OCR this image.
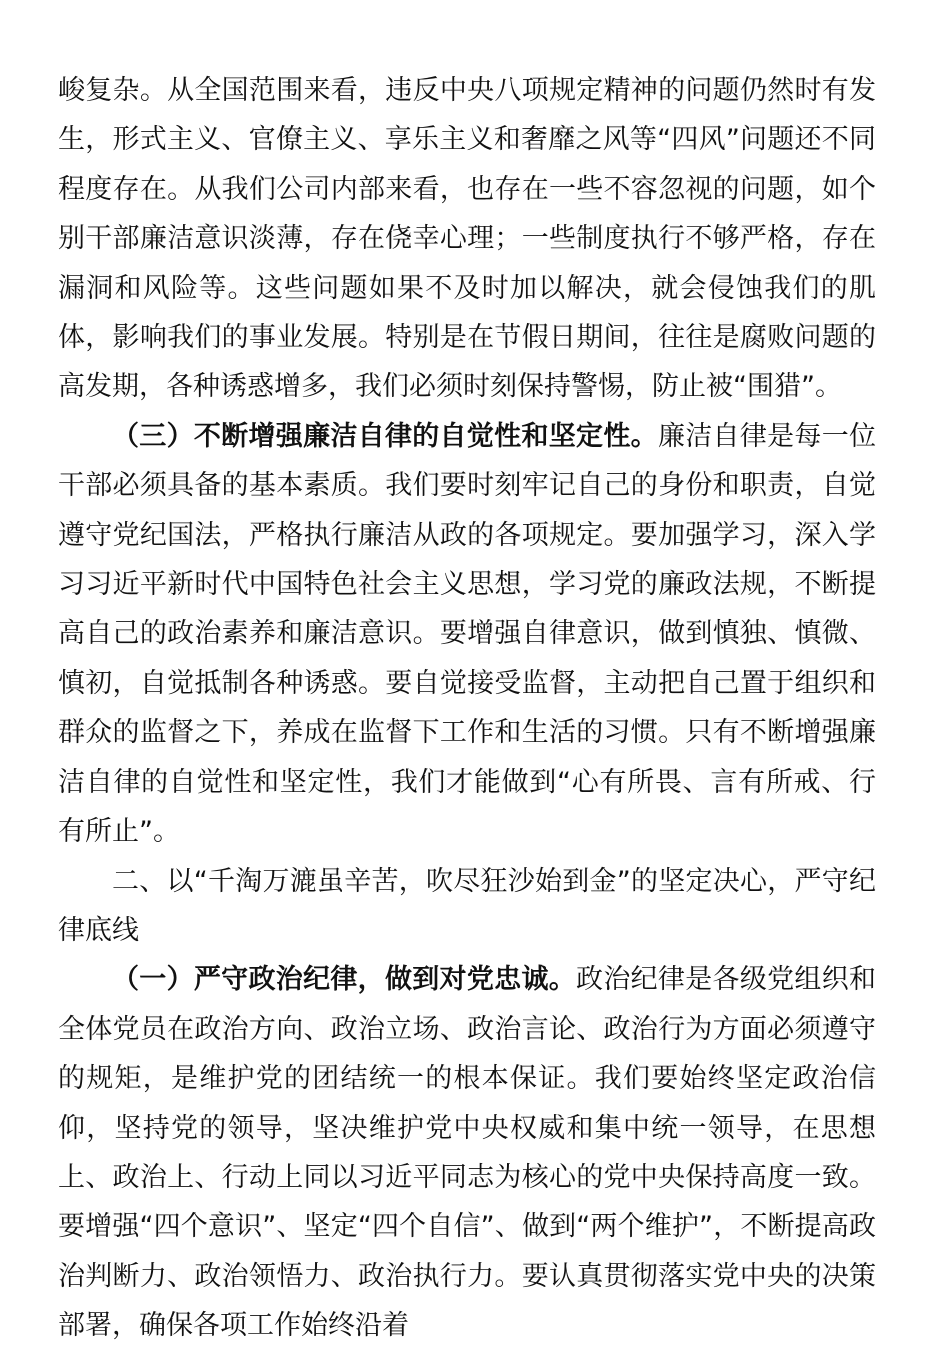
峻复杂。从全国范围来看，违反中央八项规定精神的问题仍然时有发生，形式主义、官僚主义、享乐主义和奢靡之风等“四风”问题还不同程度存在。从我们公司内部来看，也存在一些不容忽视的问题，如个别干部廉洁意识淡薄，存在侥幸心理；一些制度执行不够严格，存在漏洞和风险等。这些问题如果不及时加以解决，就会侵蚀我们的肌体，影响我们的事业发展。特别是在节假日期间，往往是腐败问题的高发期，各种诱惑增多，我们必须时刻保持警惕，防止被“围猎”。

（三）不断增强廉洁自律的自觉性和坚定性。廉洁自律是每一位干部必须具备的基本素质。我们要时刻牢记自己的身份和职责，自觉遵守党纪国法，严格执行廉洁从政的各项规定。要加强学习，深入学习习近平新时代中国特色社会主义思想，学习党的廉政法规，不断提高自己的政治素养和廉洁意识。要增强自律意识，做到慎独、慎微、慎初，自觉抵制各种诱惑。要自觉接受监督，主动把自己置于组织和群众的监督之下，养成在监督下工作和生活的习惯。只有不断增强廉洁自律的自觉性和坚定性，我们才能做到“心有所畏、言有所戒、行有所止”。

二、以“千淘万漉虽辛苦，吹尽狂沙始到金”的坚定决心，严守纪律底线

（一）严守政治纪律，做到对党忠诚。政治纪律是各级党组织和全体党员在政治方向、政治立场、政治言论、政治行为方面必须遵守的规矩，是维护党的团结统一的根本保证。我们要始终坚定政治信仰，坚持党的领导，坚决维护党中央权威和集中统一领导，在思想上、政治上、行动上同以习近平同志为核心的党中央保持高度一致。要增强“四个意识”、坚定“四个自信”、做到“两个维护”，不断提高政治判断力、政治领悟力、政治执行力。要认真贯彻落实党中央的决策部署，确保各项工作始终沿着
